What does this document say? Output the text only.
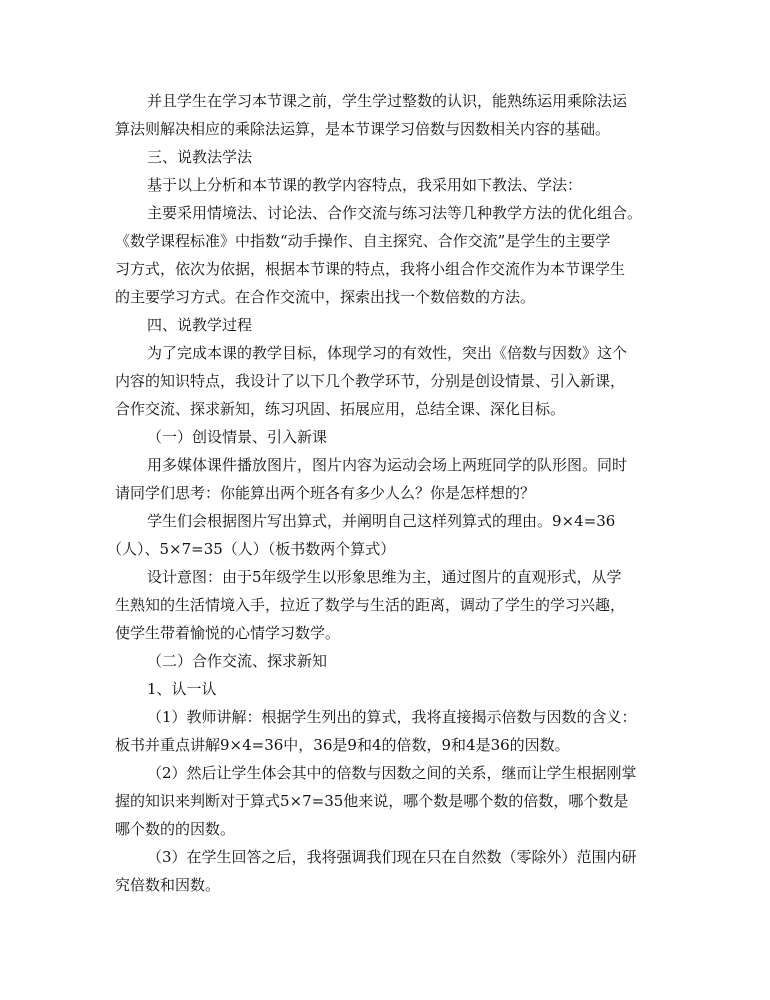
并且学生在学习本节课之前，学生学过整数的认识，能熟练运用乘除法运
算法则解决相应的乘除法运算，是本节课学习倍数与因数相关内容的基础。
三、说教法学法
基于以上分析和本节课的教学内容特点，我采用如下教法、学法：
主要采用情境法、讨论法、合作交流与练习法等几种教学方法的优化组合。
《数学课程标准》中指数“动手操作、自主探究、合作交流”是学生的主要学
习方式，依次为依据，根据本节课的特点，我将小组合作交流作为本节课学生
的主要学习方式。在合作交流中，探索出找一个数倍数的方法。
四、说教学过程
为了完成本课的教学目标，体现学习的有效性，突出《倍数与因数》这个
内容的知识特点，我设计了以下几个教学环节，分别是创设情景、引入新课，
合作交流、探求新知，练习巩固、拓展应用，总结全课、深化目标。
（一）创设情景、引入新课
用多媒体课件播放图片，图片内容为运动会场上两班同学的队形图。同时
请同学们思考：你能算出两个班各有多少人么？你是怎样想的？
学生们会根据图片写出算式，并阐明自己这样列算式的理由。9×4=36
（人）、5×7=35（人）（板书数两个算式）
设计意图：由于5年级学生以形象思维为主，通过图片的直观形式，从学
生熟知的生活情境入手，拉近了数学与生活的距离，调动了学生的学习兴趣，
使学生带着愉悦的心情学习数学。
（二）合作交流、探求新知
1、认一认
（1）教师讲解：根据学生列出的算式，我将直接揭示倍数与因数的含义：
板书并重点讲解9×4=36中，36是9和4的倍数，9和4是36的因数。
（2）然后让学生体会其中的倍数与因数之间的关系，继而让学生根据刚掌
握的知识来判断对于算式5×7=35他来说，哪个数是哪个数的倍数，哪个数是
哪个数的的因数。
（3）在学生回答之后，我将强调我们现在只在自然数（零除外）范围内研
究倍数和因数。
